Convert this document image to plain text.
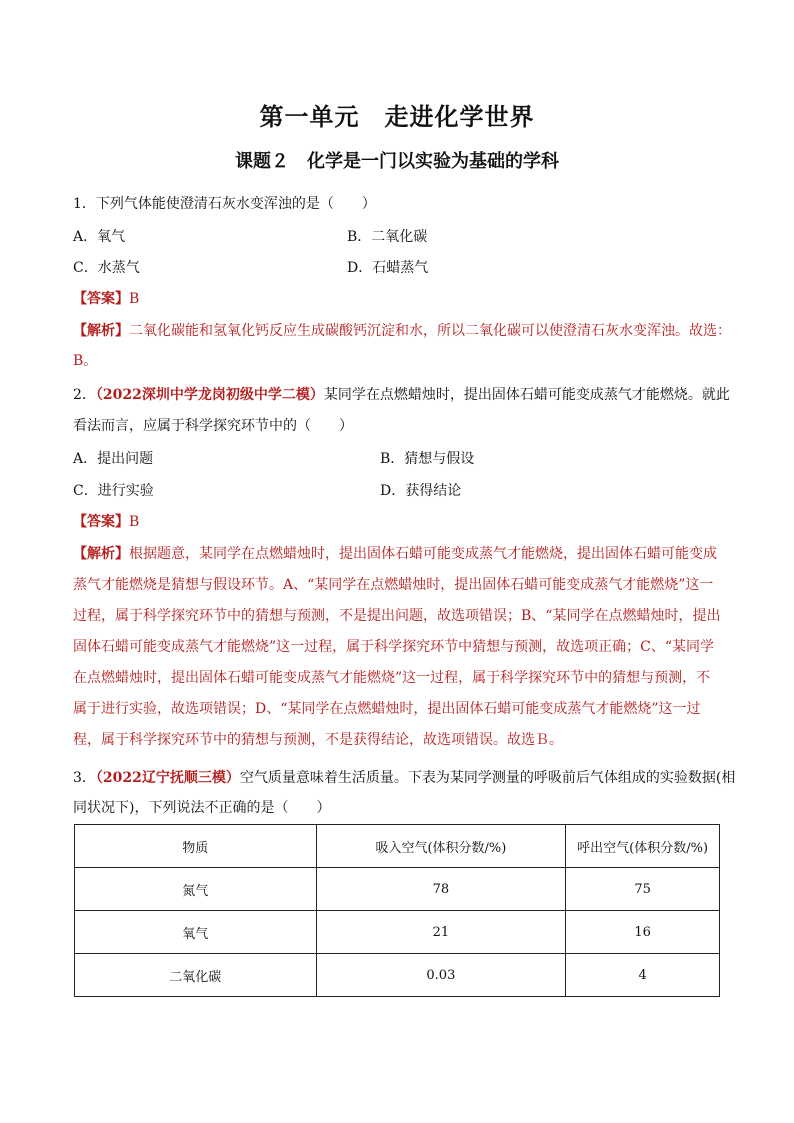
第一单元　走进化学世界
课题２　化学是一门以实验为基础的学科
1．下列气体能使澄清石灰水变浑浊的是（　　）
A．氧气	B．二氧化碳
C．水蒸气	D．石蜡蒸气
【答案】B
【解析】二氧化碳能和氢氧化钙反应生成碳酸钙沉淀和水，所以二氧化碳可以使澄清石灰水变浑浊。故选：
B。
2．（2022深圳中学龙岗初级中学二模）某同学在点燃蜡烛时，提出固体石蜡可能变成蒸气才能燃烧。就此
看法而言，应属于科学探究环节中的（　　）
A．提出问题	B．猜想与假设
C．进行实验	D．获得结论
【答案】B
【解析】根据题意，某同学在点燃蜡烛时，提出固体石蜡可能变成蒸气才能燃烧，提出固体石蜡可能变成蒸气才能燃烧是猜想与假设环节。A、“某同学在点燃蜡烛时，提出固体石蜡可能变成蒸气才能燃烧”这一过程，属于科学探究环节中的猜想与预测，不是提出问题，故选项错误；B、“某同学在点燃蜡烛时，提出固体石蜡可能变成蒸气才能燃烧”这一过程，属于科学探究环节中猜想与预测，故选项正确；C、“某同学在点燃蜡烛时，提出固体石蜡可能变成蒸气才能燃烧”这一过程，属于科学探究环节中的猜想与预测，不属于进行实验，故选项错误；D、“某同学在点燃蜡烛时，提出固体石蜡可能变成蒸气才能燃烧”这一过程，属于科学探究环节中的猜想与预测，不是获得结论，故选项错误。故选Ｂ。
3．（2022辽宁抚顺三模）空气质量意味着生活质量。下表为某同学测量的呼吸前后气体组成的实验数据(相
同状况下)，下列说法不正确的是（　　）
物质	吸入空气(体积分数/%)	呼出空气(体积分数/%)
氮气	78	75
氧气	21	16
二氧化碳	0.03	4
